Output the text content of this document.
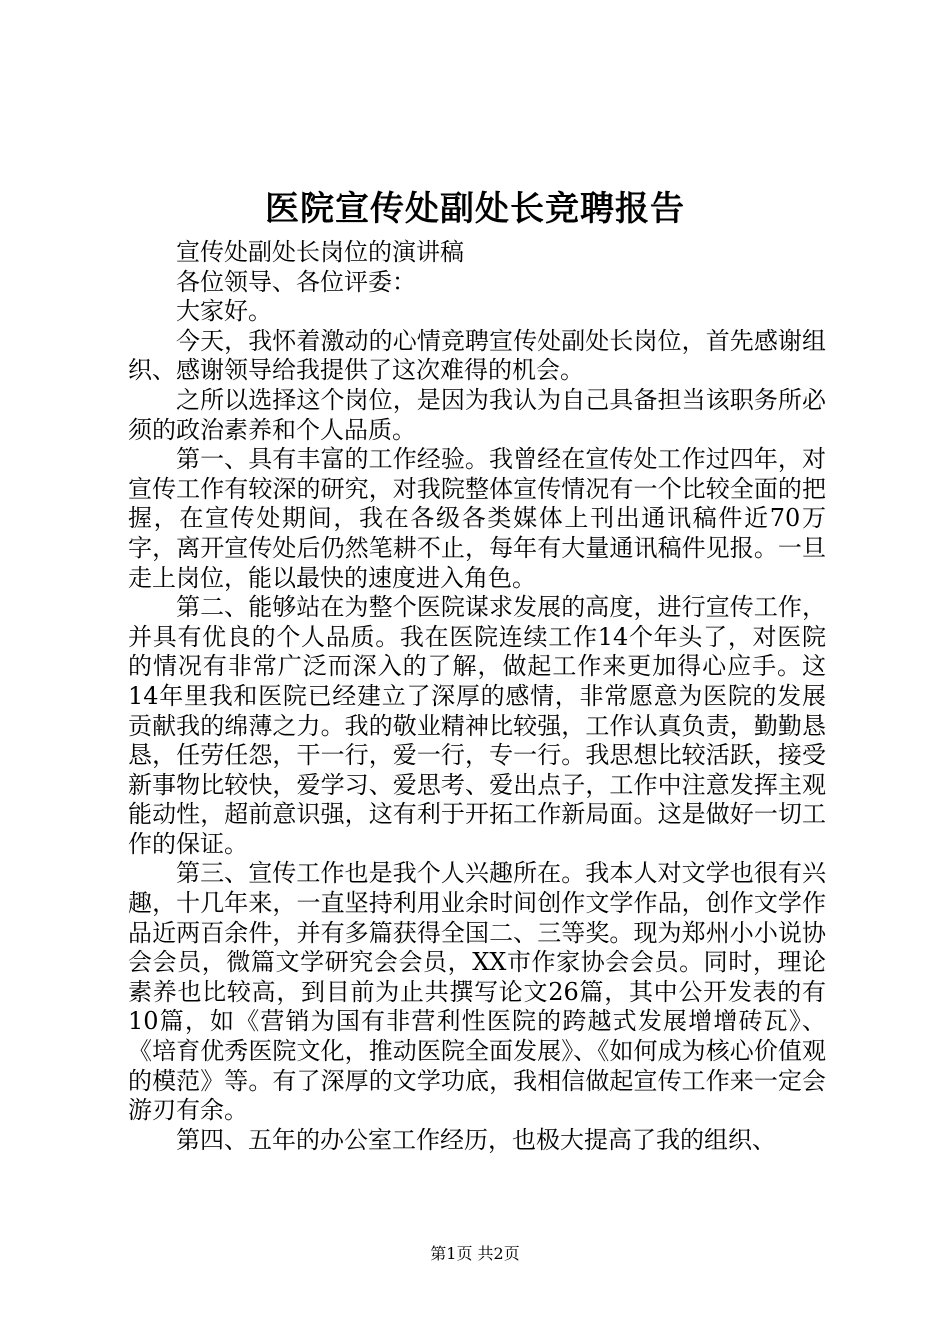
医院宣传处副处长竞聘报告

宣传处副处长岗位的演讲稿

各位领导、各位评委：

大家好。

今天，我怀着激动的心情竞聘宣传处副处长岗位，首先感谢组织、感谢领导给我提供了这次难得的机会。

之所以选择这个岗位，是因为我认为自己具备担当该职务所必须的政治素养和个人品质。

第一、具有丰富的工作经验。我曾经在宣传处工作过四年，对宣传工作有较深的研究，对我院整体宣传情况有一个比较全面的把握，在宣传处期间，我在各级各类媒体上刊出通讯稿件近70万字，离开宣传处后仍然笔耕不止，每年有大量通讯稿件见报。一旦走上岗位，能以最快的速度进入角色。

第二、能够站在为整个医院谋求发展的高度，进行宣传工作，并具有优良的个人品质。我在医院连续工作14个年头了，对医院的情况有非常广泛而深入的了解，做起工作来更加得心应手。这14年里我和医院已经建立了深厚的感情，非常愿意为医院的发展贡献我的绵薄之力。我的敬业精神比较强，工作认真负责，勤勤恳恳，任劳任怨，干一行，爱一行，专一行。我思想比较活跃，接受新事物比较快，爱学习、爱思考、爱出点子，工作中注意发挥主观能动性，超前意识强，这有利于开拓工作新局面。这是做好一切工作的保证。

第三、宣传工作也是我个人兴趣所在。我本人对文学也很有兴趣，十几年来，一直坚持利用业余时间创作文学作品，创作文学作品近两百余件，并有多篇获得全国二、三等奖。现为郑州小小说协会会员，微篇文学研究会会员，XX市作家协会会员。同时，理论素养也比较高，到目前为止共撰写论文26篇，其中公开发表的有10篇，如《营销为国有非营利性医院的跨越式发展增增砖瓦》、《培育优秀医院文化，推动医院全面发展》、《如何成为核心价值观的模范》等。有了深厚的文学功底，我相信做起宣传工作来一定会游刃有余。

第四、五年的办公室工作经历，也极大提高了我的组织、

第1页 共2页
